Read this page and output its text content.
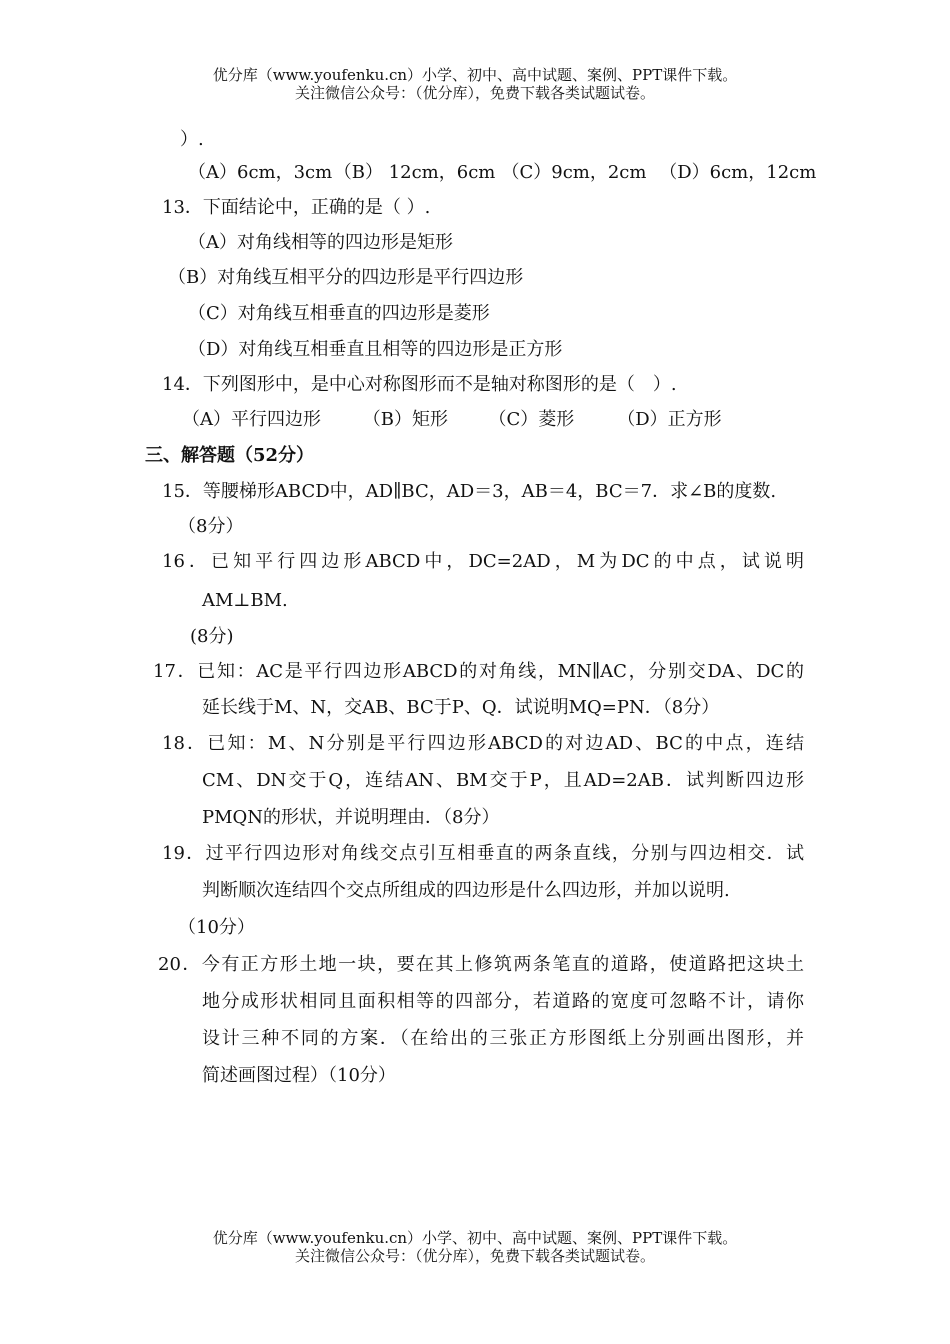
优分库（www.youfenku.cn）小学、初中、高中试题、案例、PPT课件下载。
关注微信公众号：（优分库），免费下载各类试题试卷。
）.
（A）6cm，3cm （B） 12cm，6cm （C）9cm，2cm （D）6cm，12cm
13．下面结论中，正确的是（ ）.
（A）对角线相等的四边形是矩形
（B）对角线互相平分的四边形是平行四边形
（C）对角线互相垂直的四边形是菱形
（D）对角线互相垂直且相等的四边形是正方形
14．下列图形中，是中心对称图形而不是轴对称图形的是（　）.
（A）平行四边形 （B）矩形 （C）菱形 （D）正方形
三、解答题（52分）
15．等腰梯形ABCD中，AD∥BC，AD＝3，AB＝4，BC＝7．求∠B的度数.
（8分）
16．已知平行四边形ABCD中，DC=2AD，M为DC的中点，试说明
AM⊥BM.
(8分)
17．已知：AC是平行四边形ABCD的对角线，MN∥AC，分别交DA、DC的
延长线于M、N，交AB、BC于P、Q．试说明MQ=PN．（8分）
18．已知：M、N分别是平行四边形ABCD的对边AD、BC的中点，连结
CM、DN交于Q，连结AN、BM交于P，且AD=2AB．试判断四边形
PMQN的形状，并说明理由．（8分）
19．过平行四边形对角线交点引互相垂直的两条直线，分别与四边相交．试
判断顺次连结四个交点所组成的四边形是什么四边形，并加以说明.
（10分）
20．今有正方形土地一块，要在其上修筑两条笔直的道路，使道路把这块土
地分成形状相同且面积相等的四部分，若道路的宽度可忽略不计，请你
设计三种不同的方案．（在给出的三张正方形图纸上分别画出图形，并
简述画图过程）（10分）
优分库（www.youfenku.cn）小学、初中、高中试题、案例、PPT课件下载。
关注微信公众号：（优分库），免费下载各类试题试卷。
